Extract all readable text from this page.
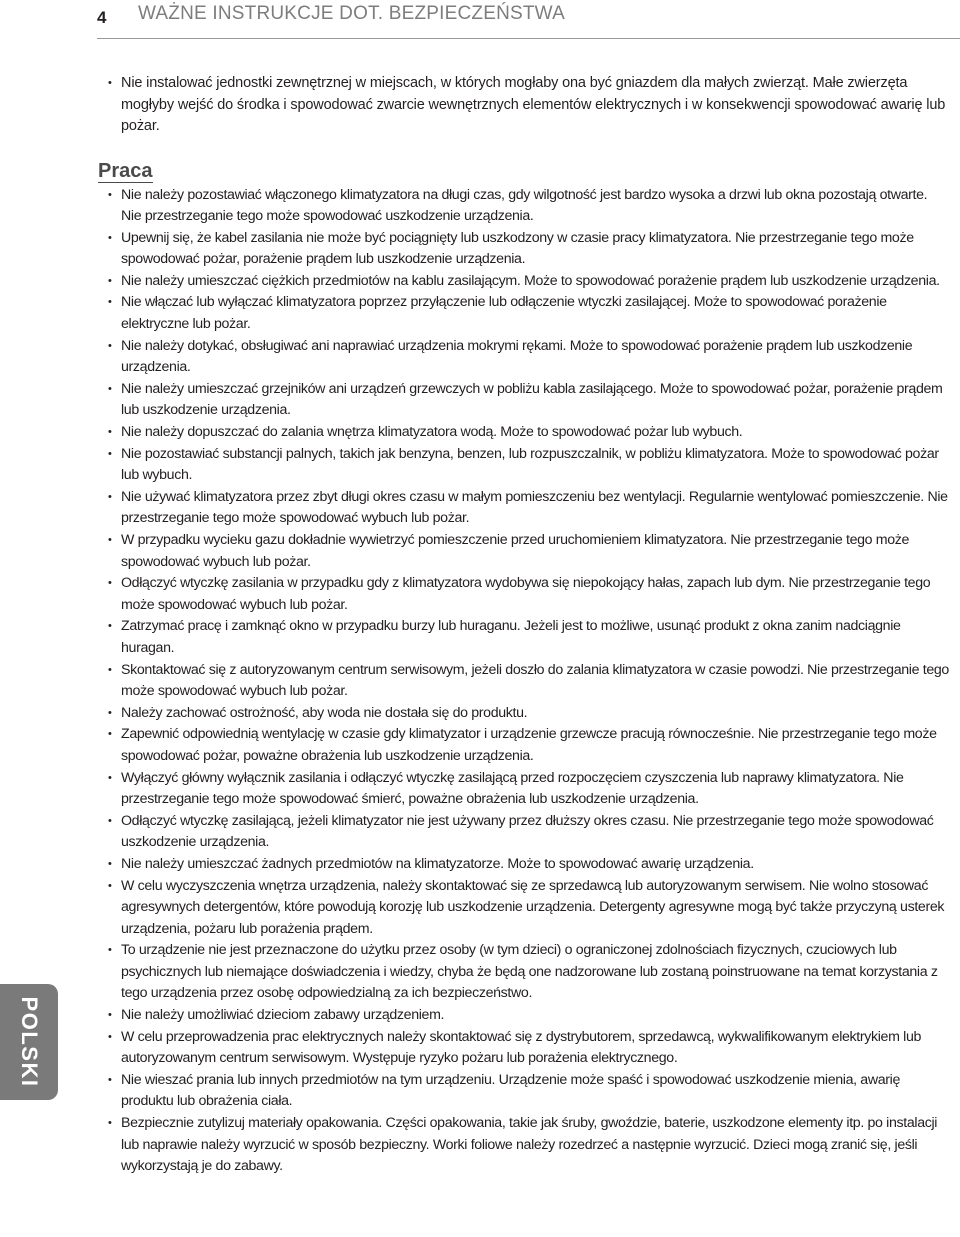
4 WAŻNE INSTRUKCJE DOT. BEZPIECZEŃSTWA
POLSKI
• Nie instalować jednostki zewnętrznej w miejscach, w których mogłaby ona być gniazdem dla małych zwierząt. Małe zwierzęta mogłyby wejść do środka i spowodować zwarcie wewnętrznych elementów elektrycznych i w konsekwencji spowodować awarię lub pożar.
Praca
• Nie należy pozostawiać włączonego klimatyzatora na długi czas, gdy wilgotność jest bardzo wysoka a drzwi lub okna pozostają otwarte. Nie przestrzeganie tego może spowodować uszkodzenie urządzenia.
• Upewnij się, że kabel zasilania nie może być pociągnięty lub uszkodzony w czasie pracy klimatyzatora. Nie przestrzeganie tego może spowodować pożar, porażenie prądem lub uszkodzenie urządzenia.
• Nie należy umieszczać ciężkich przedmiotów na kablu zasilającym. Może to spowodować porażenie prądem lub uszkodzenie urządzenia.
• Nie włączać lub wyłączać klimatyzatora poprzez przyłączenie lub odłączenie wtyczki zasilającej. Może to spowodować porażenie elektryczne lub pożar.
• Nie należy dotykać, obsługiwać ani naprawiać urządzenia mokrymi rękami. Może to spowodować porażenie prądem lub uszkodzenie urządzenia.
• Nie należy umieszczać grzejników ani urządzeń grzewczych w pobliżu kabla zasilającego. Może to spowodować pożar, porażenie prądem lub uszkodzenie urządzenia.
• Nie należy dopuszczać do zalania wnętrza klimatyzatora wodą. Może to spowodować pożar lub wybuch.
• Nie pozostawiać substancji palnych, takich jak benzyna, benzen, lub rozpuszczalnik, w pobliżu klimatyzatora. Może to spowodować pożar lub wybuch.
• Nie używać klimatyzatora przez zbyt długi okres czasu w małym pomieszczeniu bez wentylacji. Regularnie wentylować pomieszczenie. Nie przestrzeganie tego może spowodować wybuch lub pożar.
• W przypadku wycieku gazu dokładnie wywietrzyć pomieszczenie przed uruchomieniem klimatyzatora. Nie przestrzeganie tego może spowodować wybuch lub pożar.
• Odłączyć wtyczkę zasilania w przypadku gdy z klimatyzatora wydobywa się niepokojący hałas, zapach lub dym. Nie przestrzeganie tego może spowodować wybuch lub pożar.
• Zatrzymać pracę i zamknąć okno w przypadku burzy lub huraganu. Jeżeli jest to możliwe, usunąć produkt z okna zanim nadciągnie huragan.
• Skontaktować się z autoryzowanym centrum serwisowym, jeżeli doszło do zalania klimatyzatora w czasie powodzi. Nie przestrzeganie tego może spowodować wybuch lub pożar.
• Należy zachować ostrożność, aby woda nie dostała się do produktu.
• Zapewnić odpowiednią wentylację w czasie gdy klimatyzator i urządzenie grzewcze pracują równocześnie. Nie przestrzeganie tego może spowodować pożar, poważne obrażenia lub uszkodzenie urządzenia.
• Wyłączyć główny wyłącznik zasilania i odłączyć wtyczkę zasilającą przed rozpoczęciem czyszczenia lub naprawy klimatyzatora. Nie przestrzeganie tego może spowodować śmierć, poważne obrażenia lub uszkodzenie urządzenia.
• Odłączyć wtyczkę zasilającą, jeżeli klimatyzator nie jest używany przez dłuższy okres czasu. Nie przestrzeganie tego może spowodować uszkodzenie urządzenia.
• Nie należy umieszczać żadnych przedmiotów na klimatyzatorze. Może to spowodować awarię urządzenia.
• W celu wyczyszczenia wnętrza urządzenia, należy skontaktować się ze sprzedawcą lub autoryzowanym serwisem. Nie wolno stosować agresywnych detergentów, które powodują korozję lub uszkodzenie urządzenia. Detergenty agresywne mogą być także przyczyną usterek urządzenia, pożaru lub porażenia prądem.
• To urządzenie nie jest przeznaczone do użytku przez osoby (w tym dzieci) o ograniczonej zdolnościach fizycznych, czuciowych lub psychicznych lub niemające doświadczenia i wiedzy, chyba że będą one nadzorowane lub zostaną poinstruowane na temat korzystania z tego urządzenia przez osobę odpowiedzialną za ich bezpieczeństwo.
• Nie należy umożliwiać dzieciom zabawy urządzeniem.
• W celu przeprowadzenia prac elektrycznych należy skontaktować się z dystrybutorem, sprzedawcą, wykwalifikowanym elektrykiem lub autoryzowanym centrum serwisowym. Występuje ryzyko pożaru lub porażenia elektrycznego.
• Nie wieszać prania lub innych przedmiotów na tym urządzeniu. Urządzenie może spaść i spowodować uszkodzenie mienia, awarię produktu lub obrażenia ciała.
• Bezpiecznie zutylizuj materiały opakowania. Części opakowania, takie jak śruby, gwoździe, baterie, uszkodzone elementy itp. po instalacji lub naprawie należy wyrzucić w sposób bezpieczny. Worki foliowe należy rozedrzeć a następnie wyrzucić. Dzieci mogą zranić się, jeśli wykorzystają je do zabawy.
